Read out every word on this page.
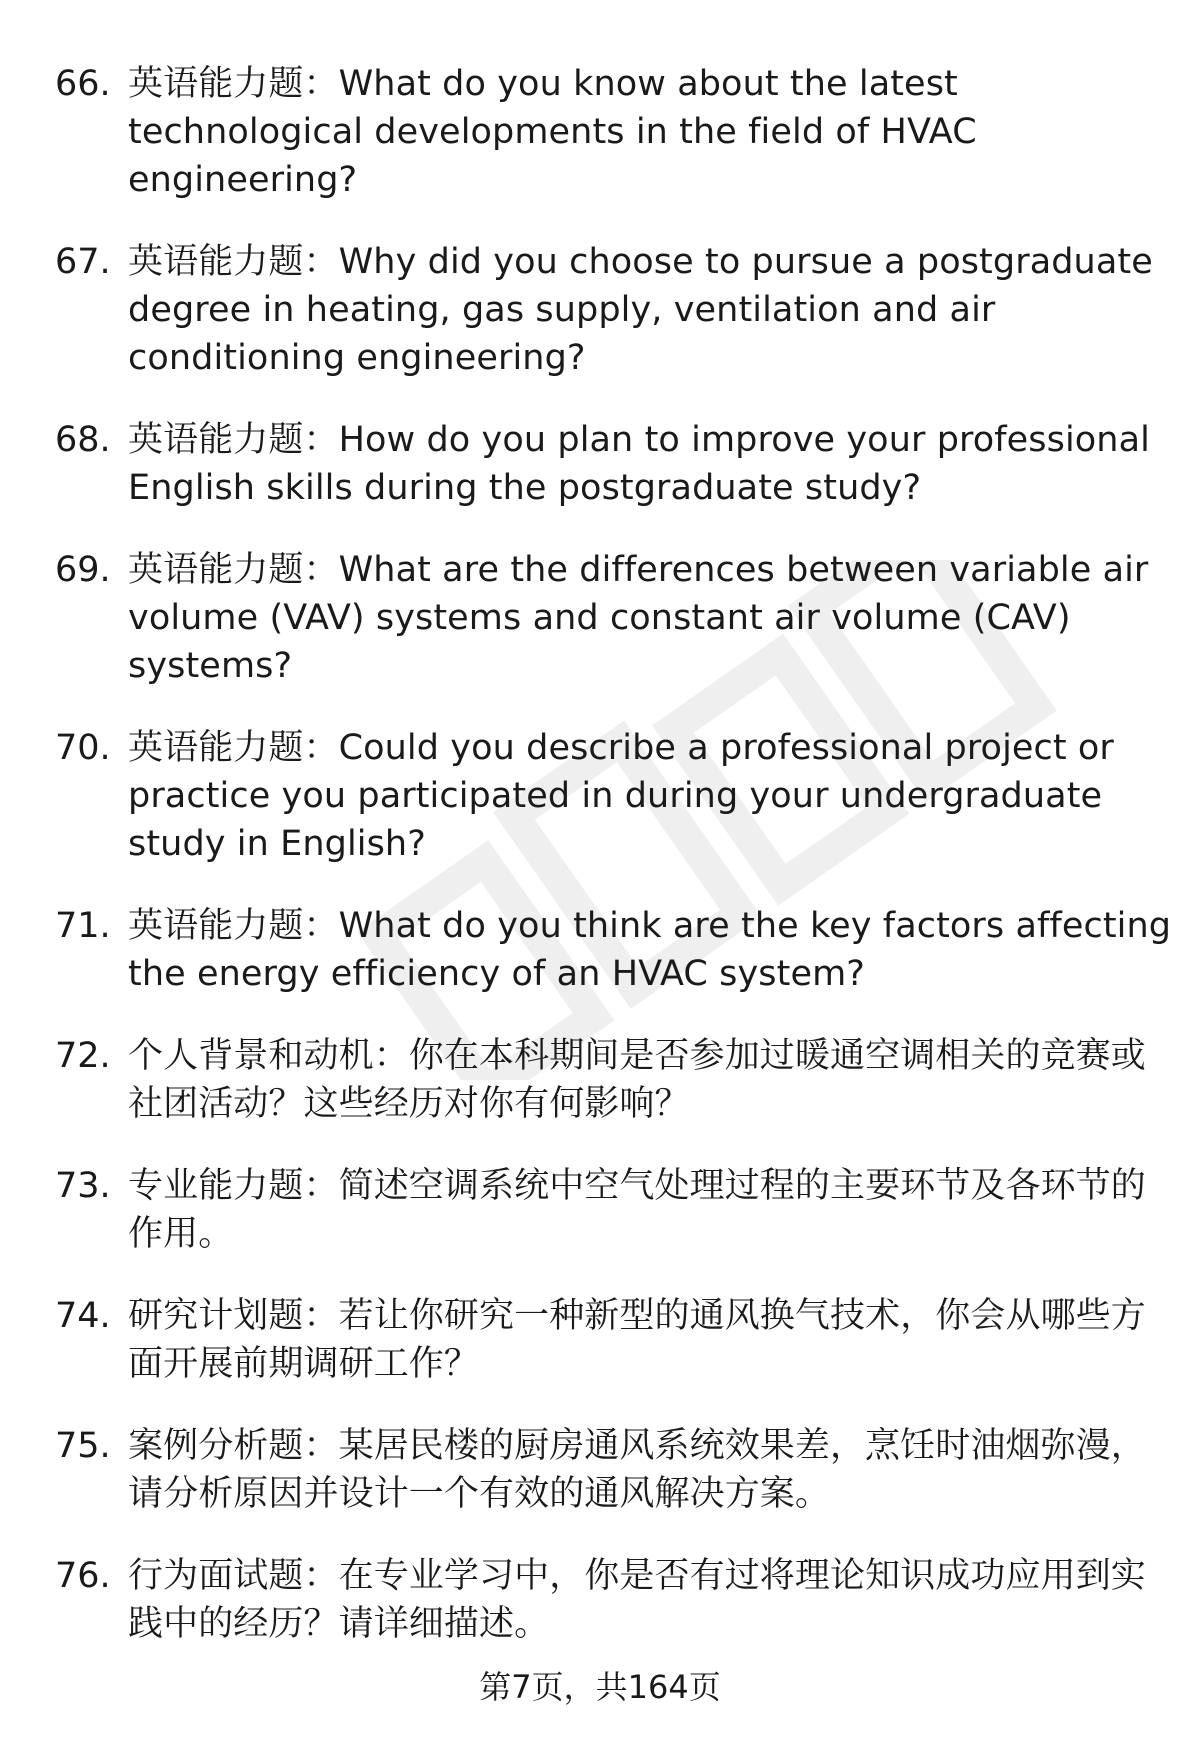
66. 英语能力题：What do you know about the latest technological developments in the field of HVAC engineering?
67. 英语能力题：Why did you choose to pursue a postgraduate degree in heating, gas supply, ventilation and air conditioning engineering?
68. 英语能力题：How do you plan to improve your professional English skills during the postgraduate study?
69. 英语能力题：What are the differences between variable air volume (VAV) systems and constant air volume (CAV) systems?
70. 英语能力题：Could you describe a professional project or practice you participated in during your undergraduate study in English?
71. 英语能力题：What do you think are the key factors affecting the energy efficiency of an HVAC system?
72. 个人背景和动机：你在本科期间是否参加过暖通空调相关的竞赛或社团活动？这些经历对你有何影响？
73. 专业能力题：简述空调系统中空气处理过程的主要环节及各环节的作用。
74. 研究计划题：若让你研究一种新型的通风换气技术，你会从哪些方面开展前期调研工作？
75. 案例分析题：某居民楼的厨房通风系统效果差，烹饪时油烟弥漫，请分析原因并设计一个有效的通风解决方案。
76. 行为面试题：在专业学习中，你是否有过将理论知识成功应用到实践中的经历？请详细描述。
第7页，共164页
